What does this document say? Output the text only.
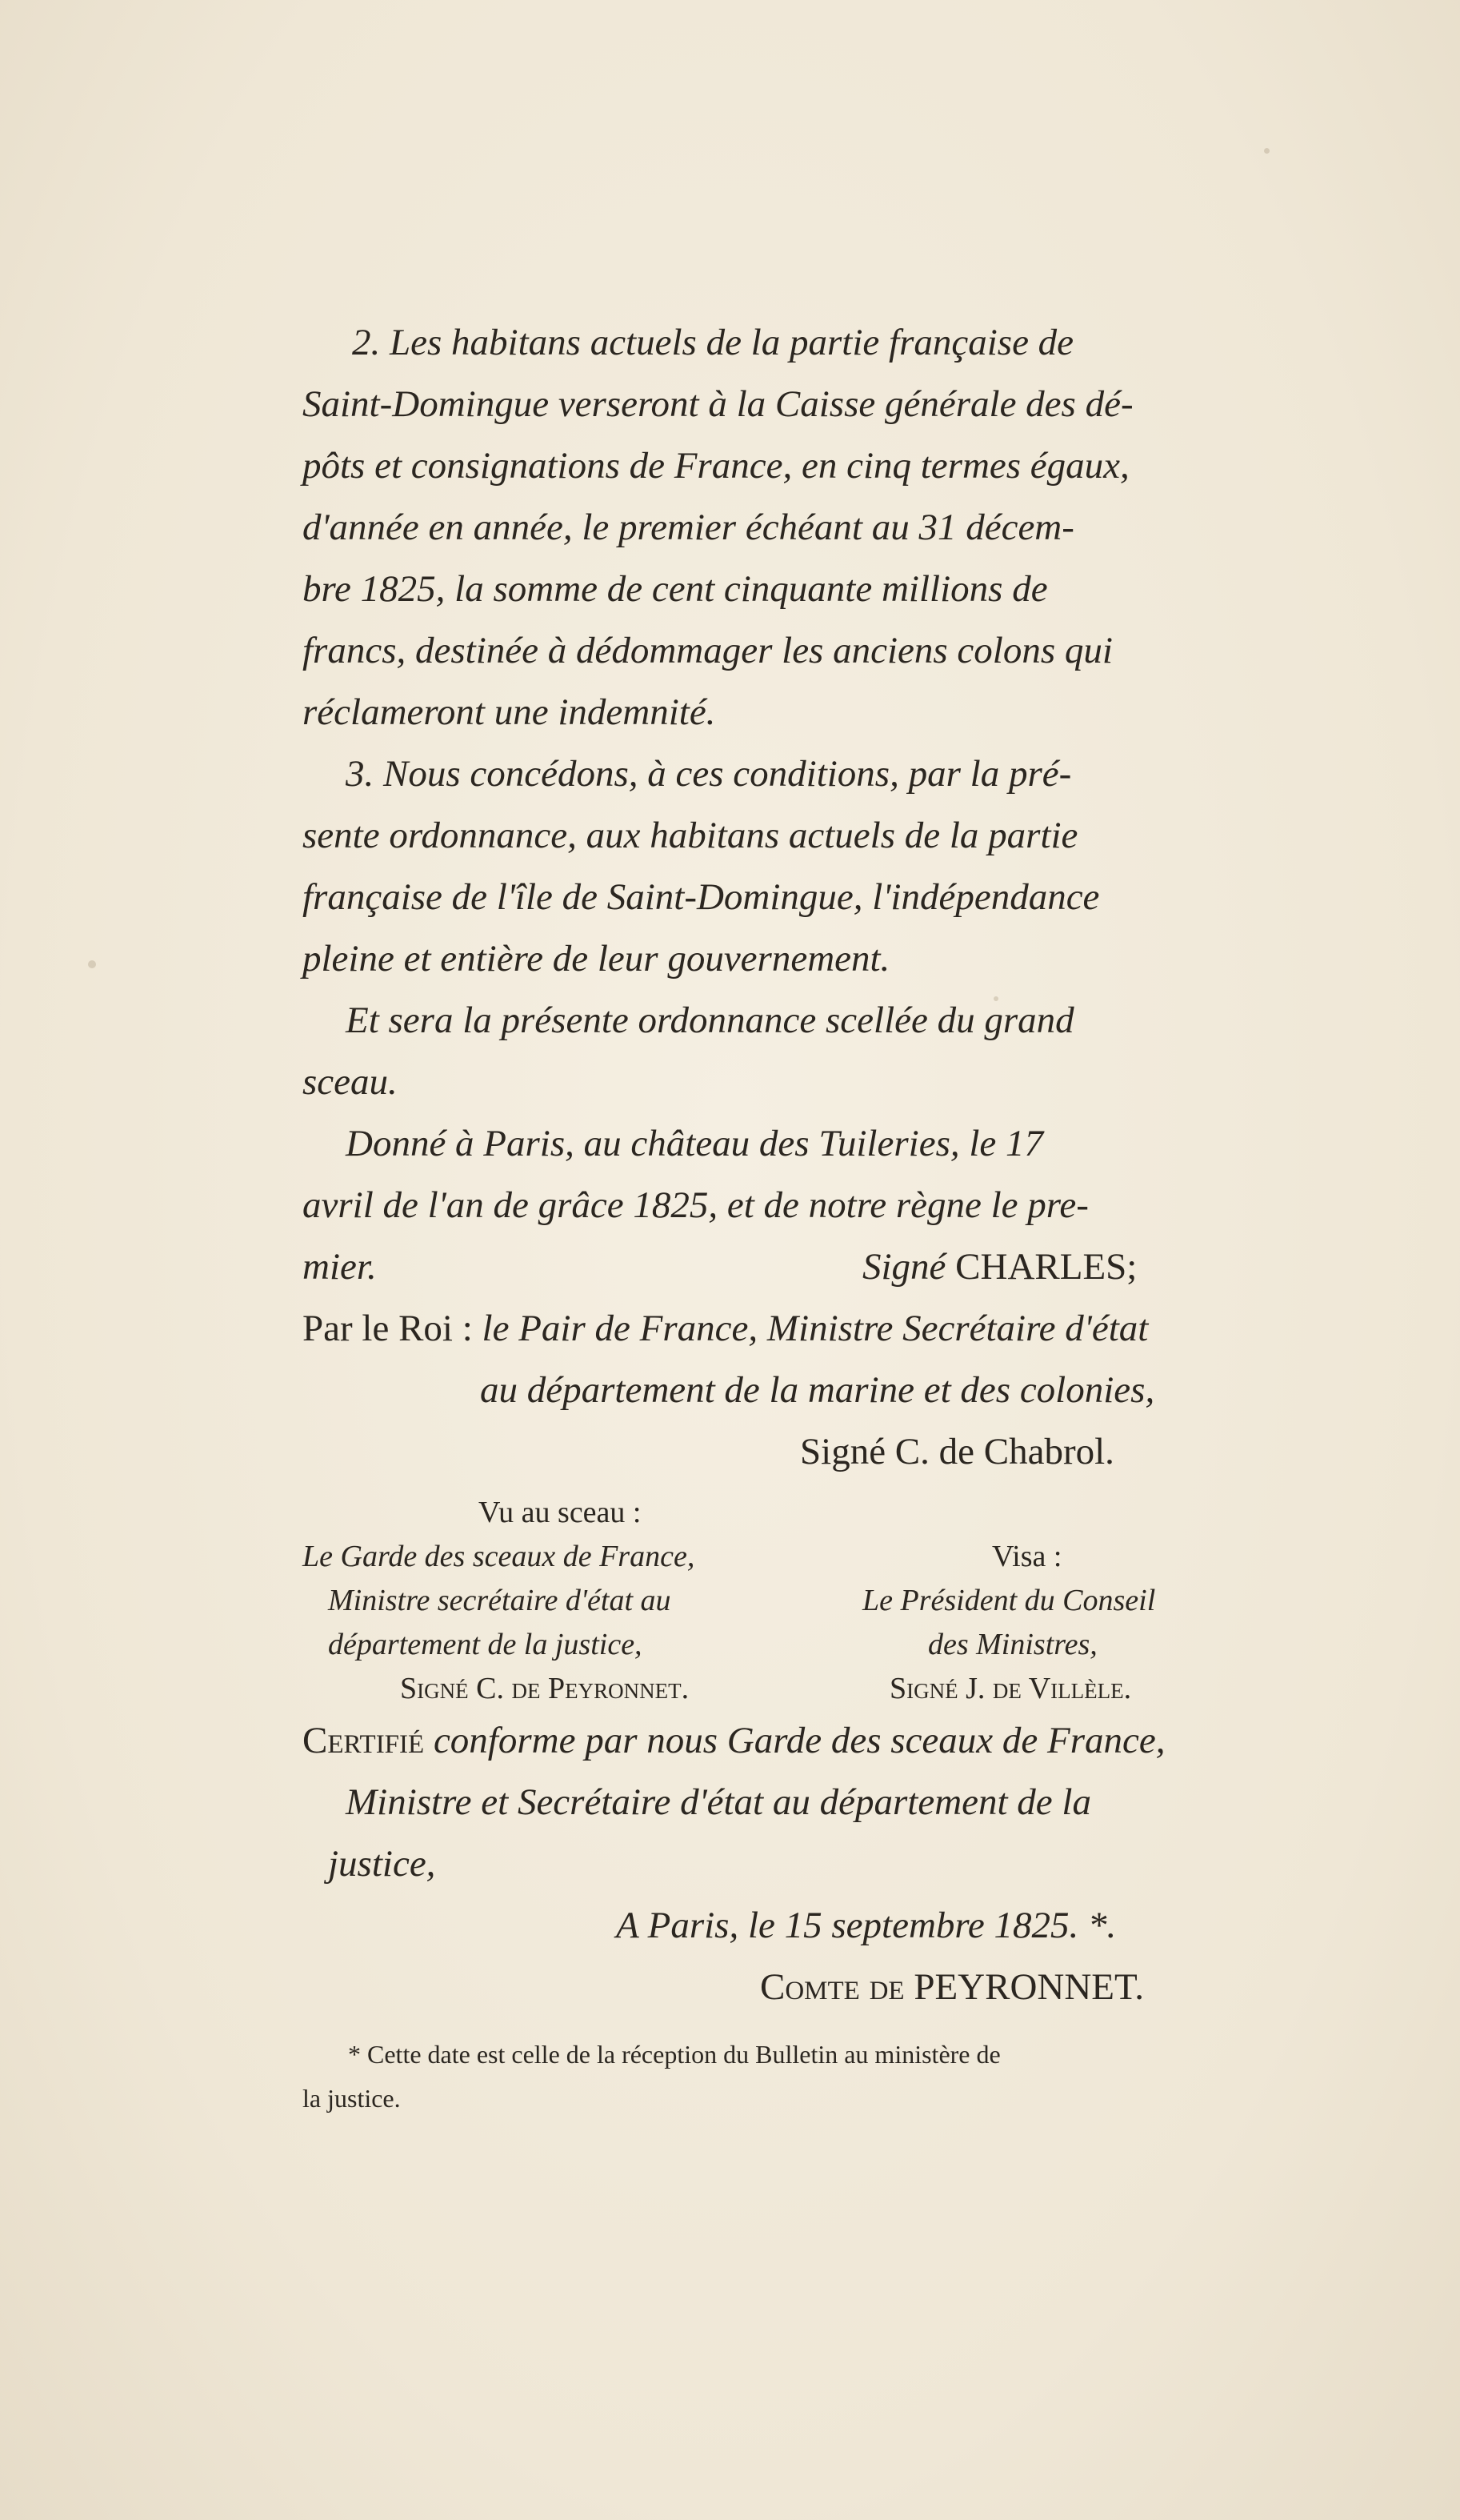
2. Les habitans actuels de la partie française de
Saint-Domingue verseront à la Caisse générale des dé-
pôts et consignations de France, en cinq termes égaux,
d'année en année, le premier échéant au 31 décem-
bre 1825, la somme de cent cinquante millions de
francs, destinée à dédommager les anciens colons qui
réclameront une indemnité.
3. Nous concédons, à ces conditions, par la pré-
sente ordonnance, aux habitans actuels de la partie
française de l'île de Saint-Domingue, l'indépendance
pleine et entière de leur gouvernement.
Et sera la présente ordonnance scellée du grand
sceau.
Donné à Paris, au château des Tuileries, le 17
avril de l'an de grâce 1825, et de notre règne le pre-
mier.	Signé CHARLES;
Par le Roi : le Pair de France, Ministre Secrétaire d'état
au département de la marine et des colonies,
Signé C. de Chabrol.
Vu au sceau :
Le Garde des sceaux de France,
Ministre secrétaire d'état au
département de la justice,
Signé C. de Peyronnet.
Visa :
Le Président du Conseil
des Ministres,
Signé J. de Villèle.
Certifié conforme par nous Garde des sceaux de France,
Ministre et Secrétaire d'état au département de la
justice,
A Paris, le 15 septembre 1825. *.
Comte de PEYRONNET.
* Cette date est celle de la réception du Bulletin au ministère de
la justice.
